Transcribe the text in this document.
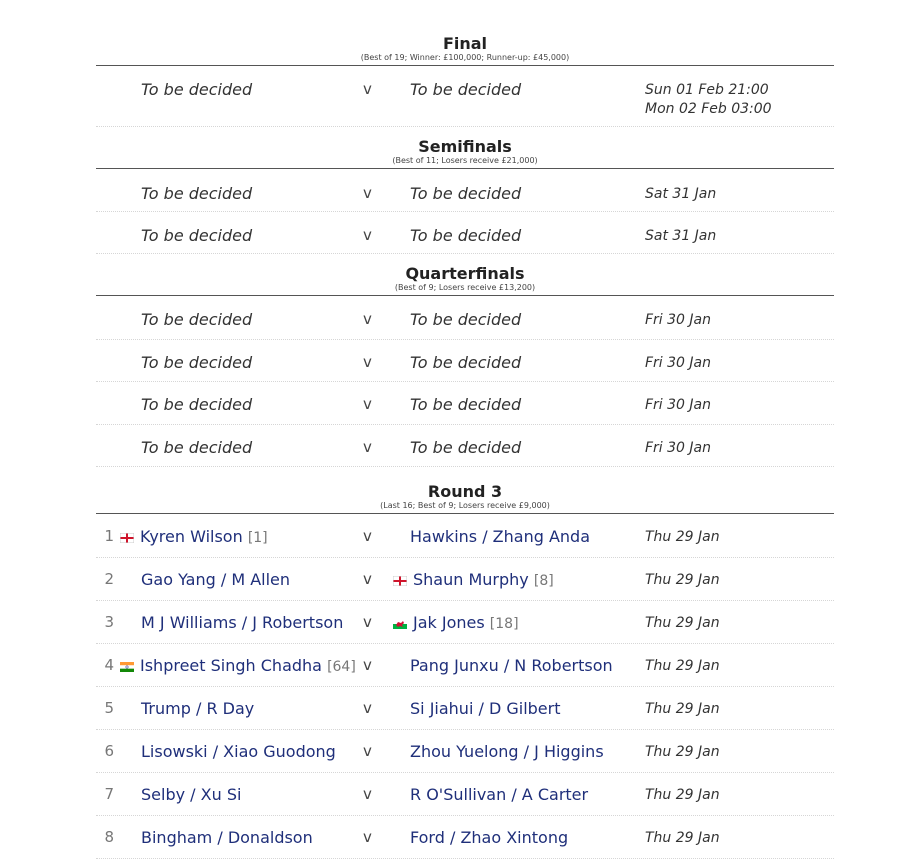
Final
(Best of 19; Winner: £100,000; Runner-up: £45,000)
To be decided	v To be decided	Sun 01 Feb 21:00
Mon 02 Feb 03:00
Semifinals
(Best of 11; Losers receive £21,000)
To be decided	v To be decided	Sat 31 Jan
To be decided	v To be decided	Sat 31 Jan
Quarterfinals
(Best of 9; Losers receive £13,200)
To be decided	v To be decided	Fri 30 Jan
To be decided	v To be decided	Fri 30 Jan
To be decided	v To be decided	Fri 30 Jan
To be decided	v To be decided	Fri 30 Jan
Round 3
(Last 16; Best of 9; Losers receive £9,000)
1	Kyren Wilson [1]	v Hawkins / Zhang Anda	Thu 29 Jan
2 Gao Yang / M Allen	v	Shaun Murphy [8]	Thu 29 Jan
3 M J Williams / J Robertson v	Jak Jones [18]	Thu 29 Jan
4	Ishpreet Singh Chadha [64] v Pang Junxu / N Robertson Thu 29 Jan
5 Trump / R Day	v Si Jiahui / D Gilbert	Thu 29 Jan
6 Lisowski / Xiao Guodong v Zhou Yuelong / J Higgins	Thu 29 Jan
7 Selby / Xu Si	v R O'Sullivan / A Carter	Thu 29 Jan
8 Bingham / Donaldson	v Ford / Zhao Xintong	Thu 29 Jan
